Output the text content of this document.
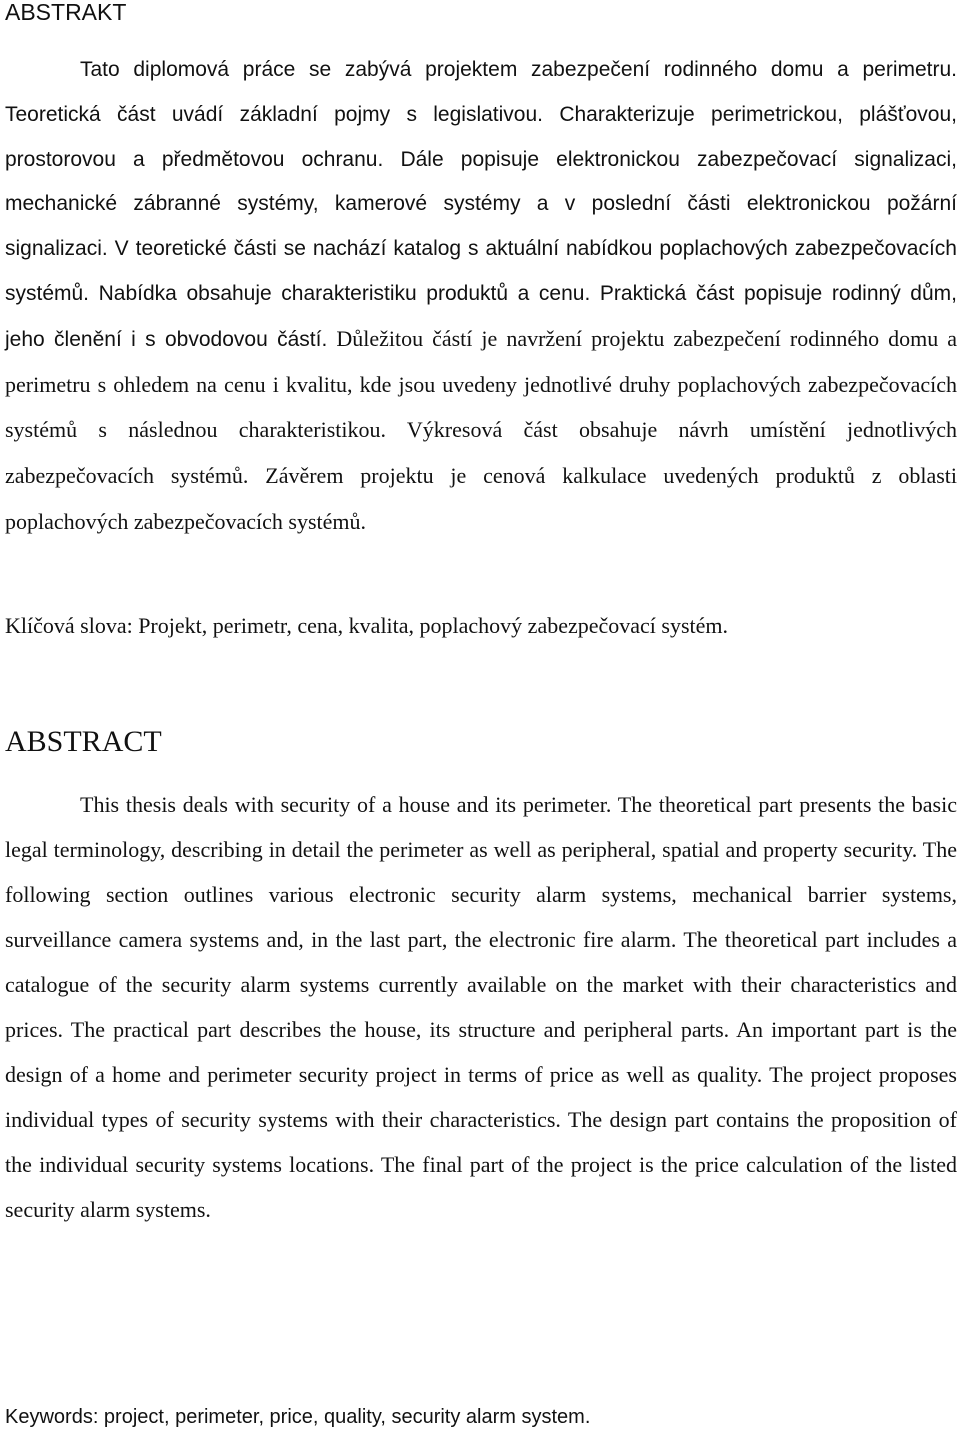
ABSTRAKT

Tato diplomová práce se zabývá projektem zabezpečení rodinného domu a perimetru. Teoretická část uvádí základní pojmy s legislativou. Charakterizuje perimetrickou, plášťovou, prostorovou a předmětovou ochranu. Dále popisuje elektronickou zabezpečovací signalizaci, mechanické zábranné systémy, kamerové systémy a v poslední části elektronickou požární signalizaci. V teoretické části se nachází katalog s aktuální nabídkou poplachových zabezpečovacích systémů. Nabídka obsahuje charakteristiku produktů a cenu. Praktická část popisuje rodinný dům, jeho členění i s obvodovou částí. Důležitou částí je navržení projektu zabezpečení rodinného domu a perimetru s ohledem na cenu i kvalitu, kde jsou uvedeny jednotlivé druhy poplachových zabezpečovacích systémů s následnou charakteristikou. Výkresová část obsahuje návrh umístění jednotlivých zabezpečovacích systémů. Závěrem projektu je cenová kalkulace uvedených produktů z oblasti poplachových zabezpečovacích systémů.

Klíčová slova: Projekt, perimetr, cena, kvalita, poplachový zabezpečovací systém.

ABSTRACT

This thesis deals with security of a house and its perimeter. The theoretical part presents the basic legal terminology, describing in detail the perimeter as well as peripheral, spatial and property security. The following section outlines various electronic security alarm systems, mechanical barrier systems, surveillance camera systems and, in the last part, the electronic fire alarm. The theoretical part includes a catalogue of the security alarm systems currently available on the market with their characteristics and prices. The practical part describes the house, its structure and peripheral parts. An important part is the design of a home and perimeter security project in terms of price as well as quality. The project proposes individual types of security systems with their characteristics. The design part contains the proposition of the individual security systems locations. The final part of the project is the price calculation of the listed security alarm systems.

Keywords: project, perimeter, price, quality, security alarm system.
